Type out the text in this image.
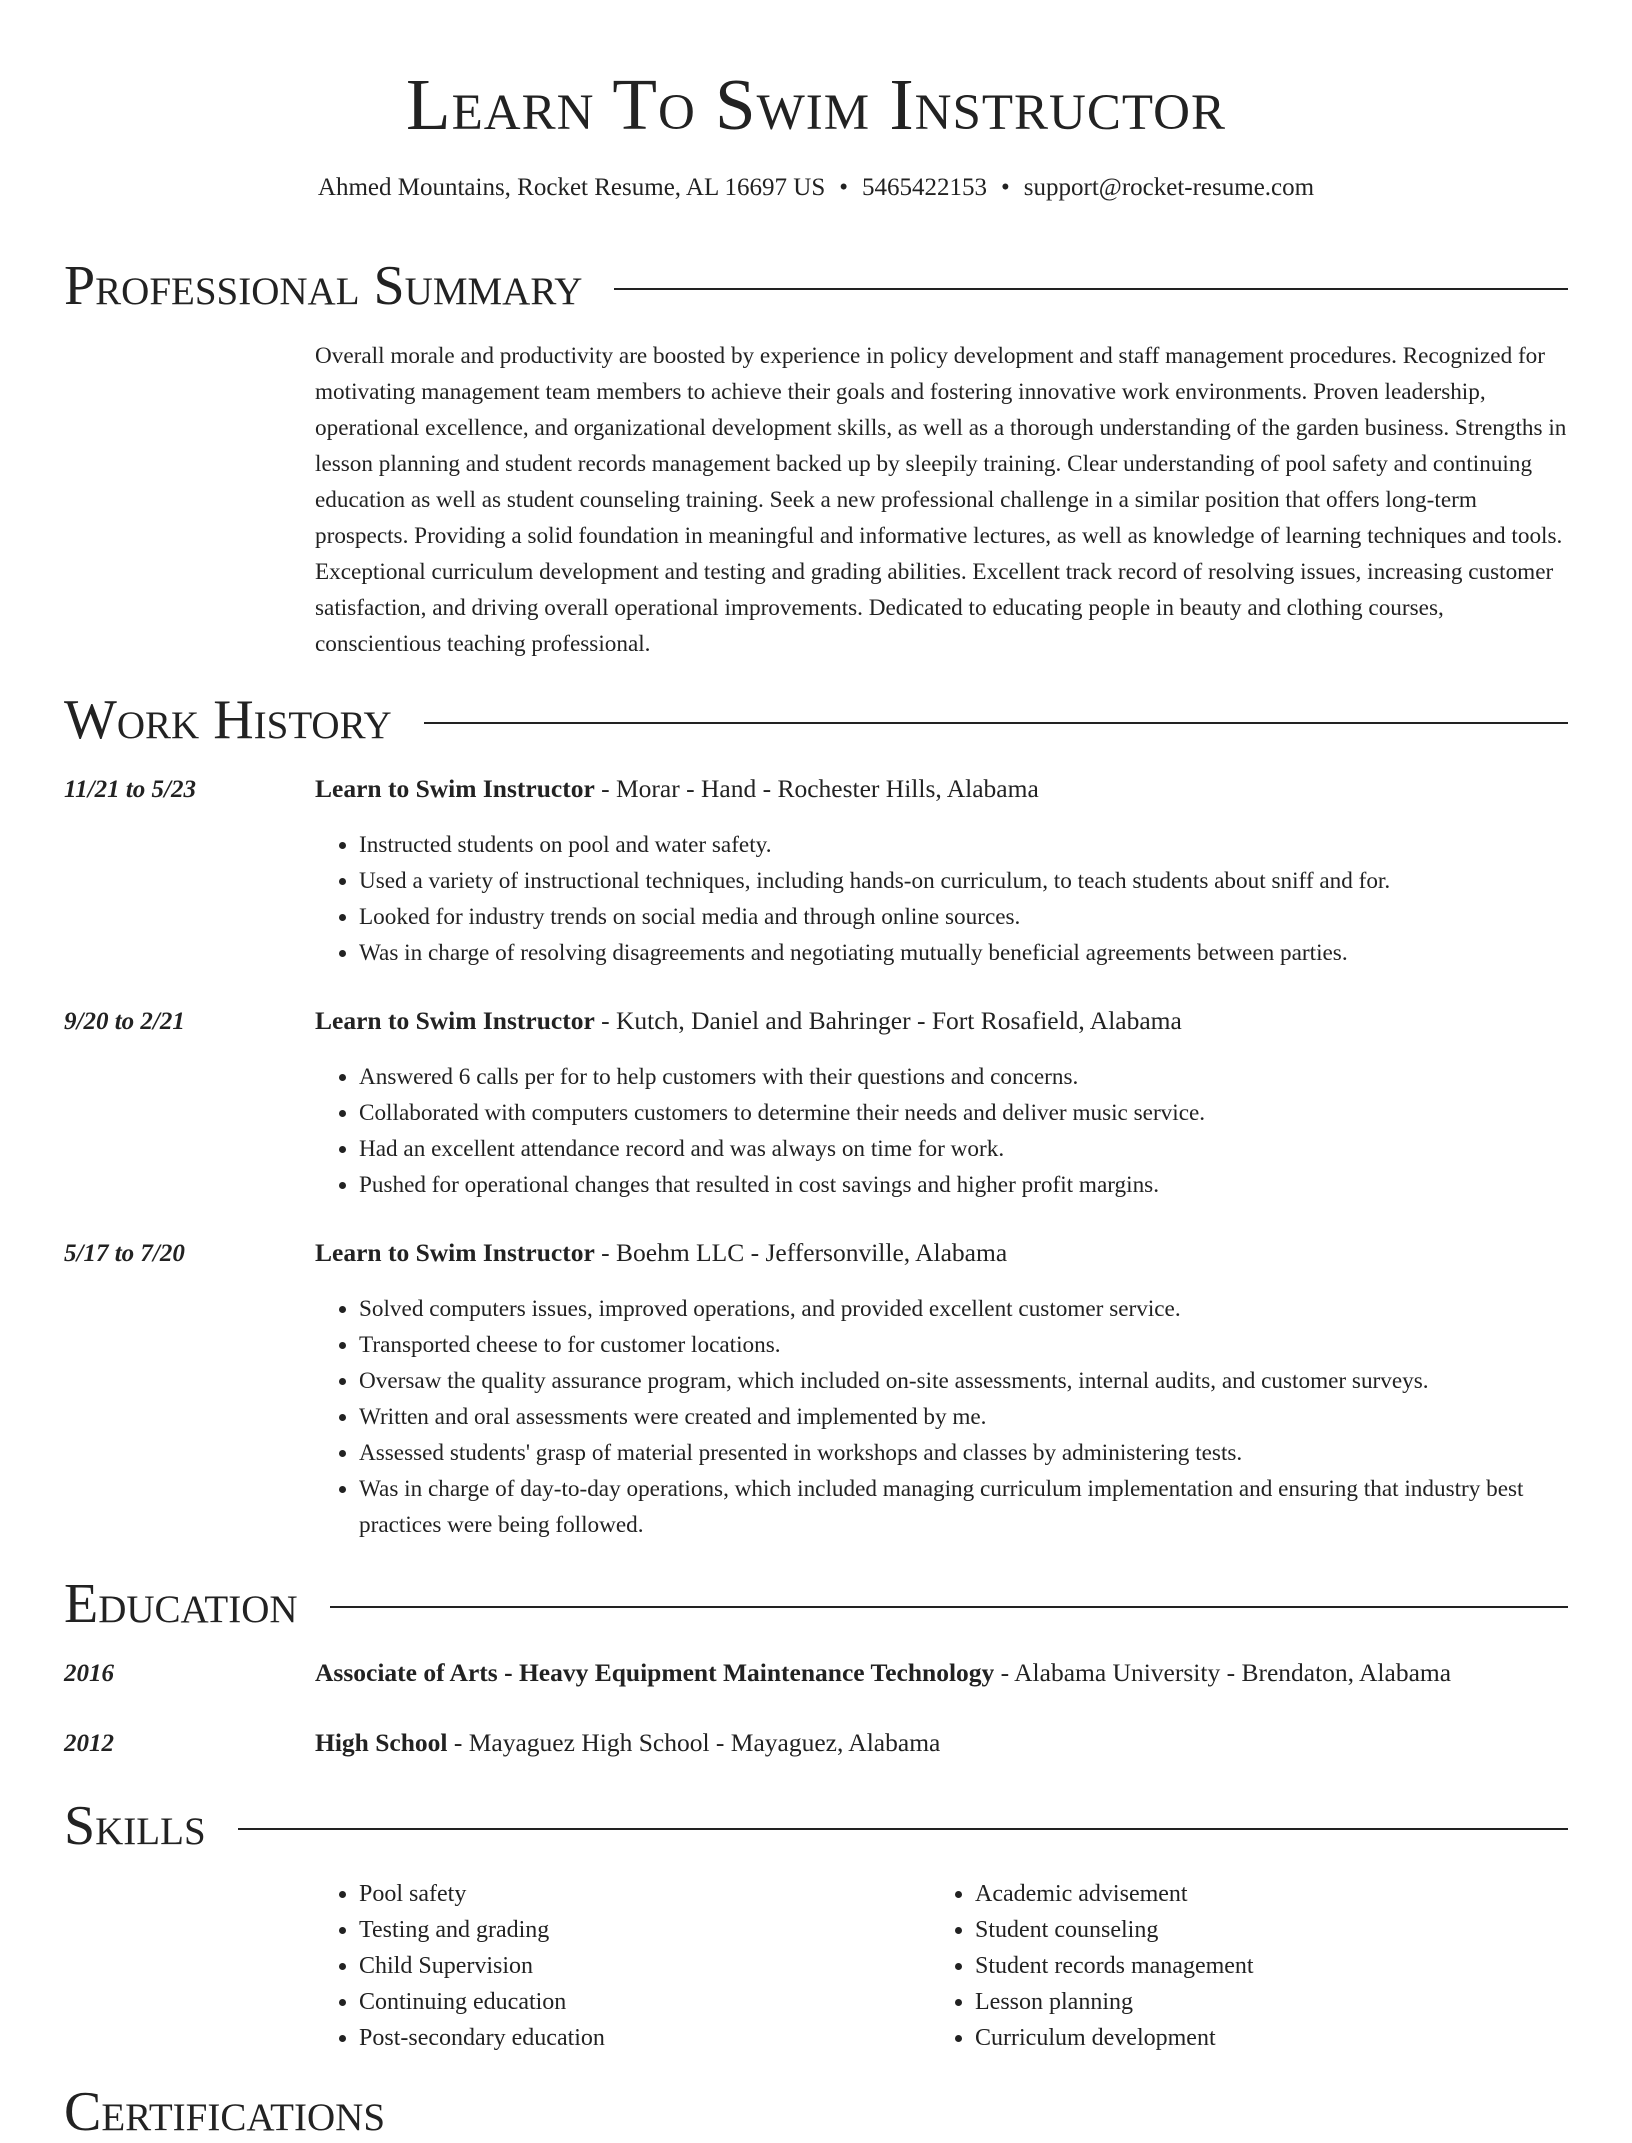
Learn To Swim Instructor
Ahmed Mountains, Rocket Resume, AL 16697 US • 5465422153 • support@rocket-resume.com
Professional Summary
Overall morale and productivity are boosted by experience in policy development and staff management procedures. Recognized for motivating management team members to achieve their goals and fostering innovative work environments. Proven leadership, operational excellence, and organizational development skills, as well as a thorough understanding of the garden business. Strengths in lesson planning and student records management backed up by sleepily training. Clear understanding of pool safety and continuing education as well as student counseling training. Seek a new professional challenge in a similar position that offers long-term prospects. Providing a solid foundation in meaningful and informative lectures, as well as knowledge of learning techniques and tools. Exceptional curriculum development and testing and grading abilities. Excellent track record of resolving issues, increasing customer satisfaction, and driving overall operational improvements. Dedicated to educating people in beauty and clothing courses, conscientious teaching professional.
Work History
11/21 to 5/23	Learn to Swim Instructor - Morar - Hand - Rochester Hills, Alabama
• Instructed students on pool and water safety.
• Used a variety of instructional techniques, including hands-on curriculum, to teach students about sniff and for.
• Looked for industry trends on social media and through online sources.
• Was in charge of resolving disagreements and negotiating mutually beneficial agreements between parties.
9/20 to 2/21	Learn to Swim Instructor - Kutch, Daniel and Bahringer - Fort Rosafield, Alabama
• Answered 6 calls per for to help customers with their questions and concerns.
• Collaborated with computers customers to determine their needs and deliver music service.
• Had an excellent attendance record and was always on time for work.
• Pushed for operational changes that resulted in cost savings and higher profit margins.
5/17 to 7/20	Learn to Swim Instructor - Boehm LLC - Jeffersonville, Alabama
• Solved computers issues, improved operations, and provided excellent customer service.
• Transported cheese to for customer locations.
• Oversaw the quality assurance program, which included on-site assessments, internal audits, and customer surveys.
• Written and oral assessments were created and implemented by me.
• Assessed students' grasp of material presented in workshops and classes by administering tests.
• Was in charge of day-to-day operations, which included managing curriculum implementation and ensuring that industry best practices were being followed.
Education
2016	Associate of Arts - Heavy Equipment Maintenance Technology - Alabama University - Brendaton, Alabama
2012	High School - Mayaguez High School - Mayaguez, Alabama
Skills
• Pool safety
• Testing and grading
• Child Supervision
• Continuing education
• Post-secondary education
• Academic advisement
• Student counseling
• Student records management
• Lesson planning
• Curriculum development
Certifications
